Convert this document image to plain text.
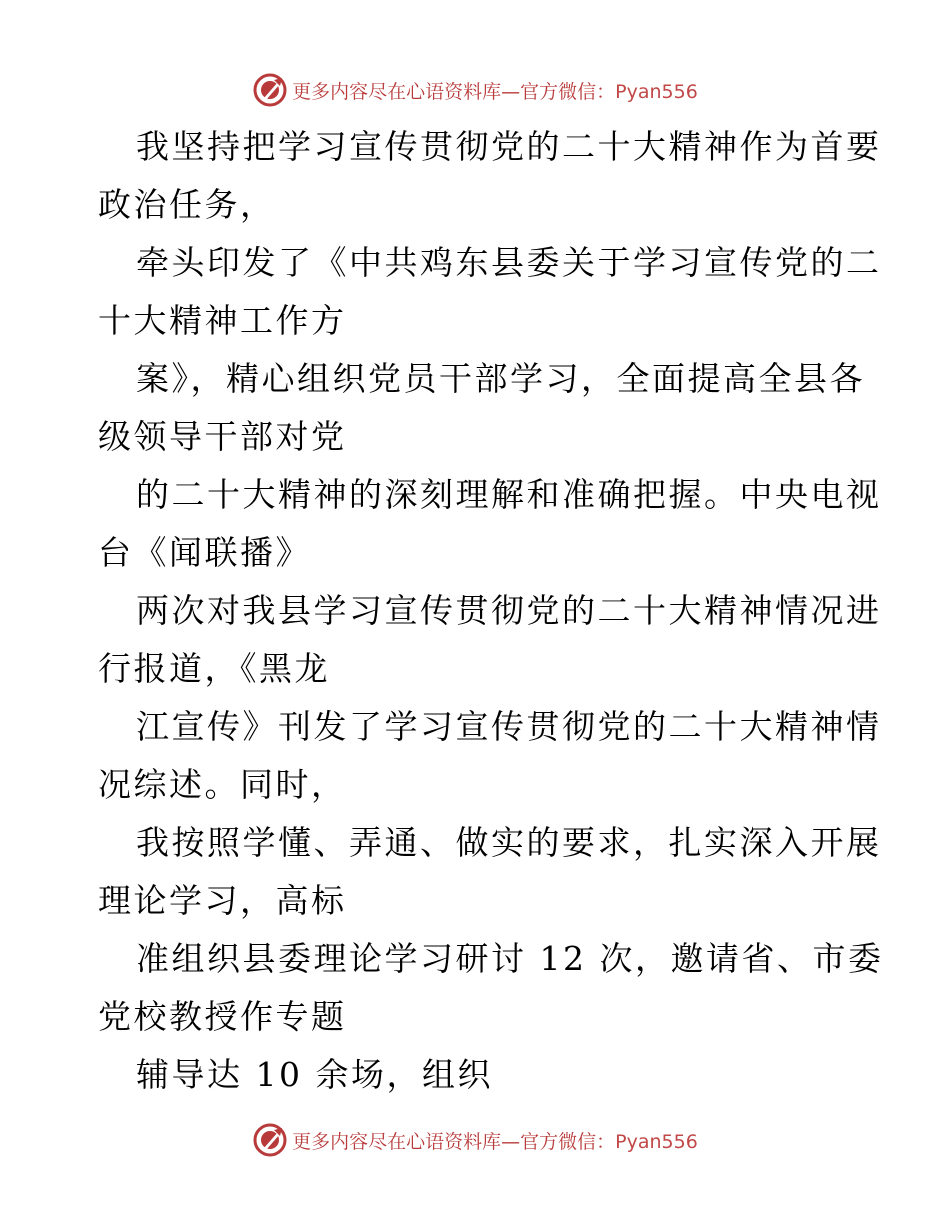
更多内容尽在心语资料库—官方微信：Pyan556
我坚持把学习宣传贯彻党的二十大精神作为首要
政治任务，
牵头印发了《中共鸡东县委关于学习宣传党的二
十大精神工作方
案》，精心组织党员干部学习，全面提高全县各
级领导干部对党
的二十大精神的深刻理解和准确把握。中央电视
台《闻联播》
两次对我县学习宣传贯彻党的二十大精神情况进
行报道，《黑龙
江宣传》刊发了学习宣传贯彻党的二十大精神情
况综述。同时，
我按照学懂、弄通、做实的要求，扎实深入开展
理论学习，高标
准组织县委理论学习研讨 12 次，邀请省、市委
党校教授作专题
辅导达 10 余场，组织
更多内容尽在心语资料库—官方微信：Pyan556
